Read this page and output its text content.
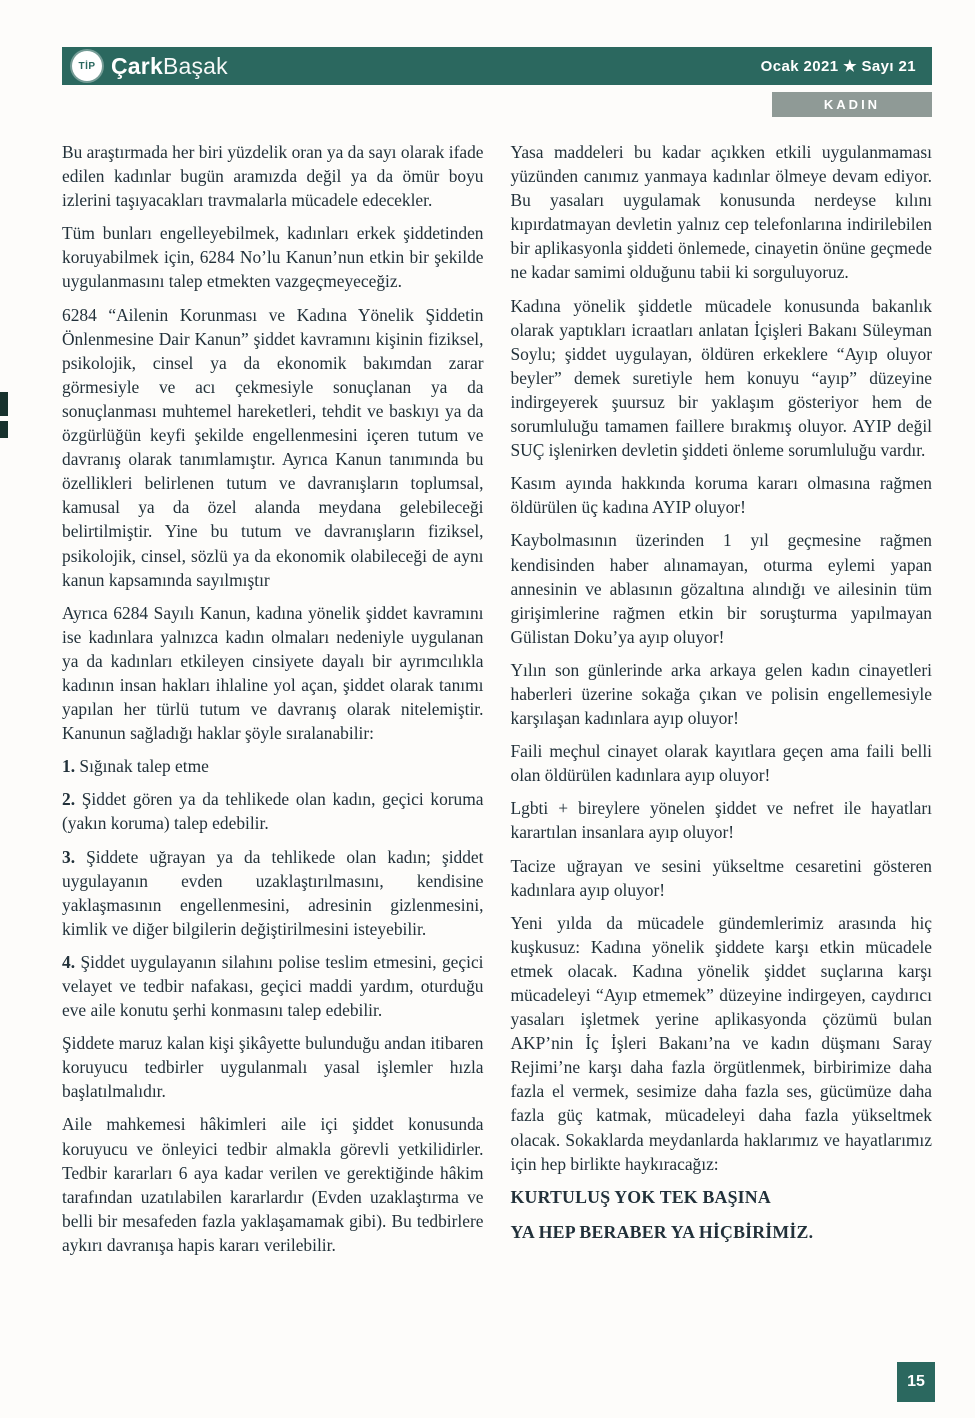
TİP ÇarkBaşak	Ocak 2021 ★ Sayı 21
KADIN

Bu araştırmada her biri yüzdelik oran ya da sayı olarak ifade edilen kadınlar bugün aramızda değil ya da ömür boyu izlerini taşıyacakları travmalarla mücadele edecekler.

Tüm bunları engelleyebilmek, kadınları erkek şiddetinden koruyabilmek için, 6284 No’lu Kanun’nun etkin bir şekilde uygulanmasını talep etmekten vazgeçmeyeceğiz.

6284 “Ailenin Korunması ve Kadına Yönelik Şiddetin Önlenmesine Dair Kanun” şiddet kavramını kişinin fiziksel, psikolojik, cinsel ya da ekonomik bakımdan zarar görmesiyle ve acı çekmesiyle sonuçlanan ya da sonuçlanması muhtemel hareketleri, tehdit ve baskıyı ya da özgürlüğün keyfi şekilde engellenmesini içeren tutum ve davranış olarak tanımlamıştır. Ayrıca Kanun tanımında bu özellikleri belirlenen tutum ve davranışların toplumsal, kamusal ya da özel alanda meydana gelebileceği belirtilmiştir. Yine bu tutum ve davranışların fiziksel, psikolojik, cinsel, sözlü ya da ekonomik olabileceği de aynı kanun kapsamında sayılmıştır

Ayrıca 6284 Sayılı Kanun, kadına yönelik şiddet kavramını ise kadınlara yalnızca kadın olmaları nedeniyle uygulanan ya da kadınları etkileyen cinsiyete dayalı bir ayrımcılıkla kadının insan hakları ihlaline yol açan, şiddet olarak tanımı yapılan her türlü tutum ve davranış olarak nitelemiştir. Kanunun sağladığı haklar şöyle sıralanabilir:

1. Sığınak talep etme

2. Şiddet gören ya da tehlikede olan kadın, geçici koruma (yakın koruma) talep edebilir.

3. Şiddete uğrayan ya da tehlikede olan kadın; şiddet uygulayanın evden uzaklaştırılmasını, kendisine yaklaşmasının engellenmesini, adresinin gizlenmesini, kimlik ve diğer bilgilerin değiştirilmesini isteyebilir.

4. Şiddet uygulayanın silahını polise teslim etmesini, geçici velayet ve tedbir nafakası, geçici maddi yardım, oturduğu eve aile konutu şerhi konmasını talep edebilir.

Şiddete maruz kalan kişi şikâyette bulunduğu andan itibaren koruyucu tedbirler uygulanmalı yasal işlemler hızla başlatılmalıdır.

Aile mahkemesi hâkimleri aile içi şiddet konusunda koruyucu ve önleyici tedbir almakla görevli yetkilidirler. Tedbir kararları 6 aya kadar verilen ve gerektiğinde hâkim tarafından uzatılabilen kararlardır (Evden uzaklaştırma ve belli bir mesafeden fazla yaklaşamamak gibi). Bu tedbirlere aykırı davranışa hapis kararı verilebilir.

Yasa maddeleri bu kadar açıkken etkili uygulanmaması yüzünden canımız yanmaya kadınlar ölmeye devam ediyor. Bu yasaları uygulamak konusunda nerdeyse kılını kıpırdatmayan devletin yalnız cep telefonlarına indirilebilen bir aplikasyonla şiddeti önlemede, cinayetin önüne geçmede ne kadar samimi olduğunu tabii ki sorguluyoruz.

Kadına yönelik şiddetle mücadele konusunda bakanlık olarak yaptıkları icraatları anlatan İçişleri Bakanı Süleyman Soylu; şiddet uygulayan, öldüren erkeklere “Ayıp oluyor beyler” demek suretiyle hem konuyu “ayıp” düzeyine indirgeyerek şuursuz bir yaklaşım gösteriyor hem de sorumluluğu tamamen faillere bırakmış oluyor. AYIP değil SUÇ işlenirken devletin şiddeti önleme sorumluluğu vardır.

Kasım ayında hakkında koruma kararı olmasına rağmen öldürülen üç kadına AYIP oluyor!

Kaybolmasının üzerinden 1 yıl geçmesine rağmen kendisinden haber alınamayan, oturma eylemi yapan annesinin ve ablasının gözaltına alındığı ve ailesinin tüm girişimlerine rağmen etkin bir soruşturma yapılmayan Gülistan Doku’ya ayıp oluyor!

Yılın son günlerinde arka arkaya gelen kadın cinayetleri haberleri üzerine sokağa çıkan ve polisin engellemesiyle karşılaşan kadınlara ayıp oluyor!

Faili meçhul cinayet olarak kayıtlara geçen ama faili belli olan öldürülen kadınlara ayıp oluyor!

Lgbti + bireylere yönelen şiddet ve nefret ile hayatları karartılan insanlara ayıp oluyor!

Tacize uğrayan ve sesini yükseltme cesaretini gösteren kadınlara ayıp oluyor!

Yeni yılda da mücadele gündemlerimiz arasında hiç kuşkusuz: Kadına yönelik şiddete karşı etkin mücadele etmek olacak. Kadına yönelik şiddet suçlarına karşı mücadeleyi “Ayıp etmemek” düzeyine indirgeyen, caydırıcı yasaları işletmek yerine aplikasyonda çözümü bulan AKP’nin İç İşleri Bakanı’na ve kadın düşmanı Saray Rejimi’ne karşı daha fazla örgütlenmek, birbirimize daha fazla el vermek, sesimize daha fazla ses, gücümüze daha fazla güç katmak, mücadeleyi daha fazla yükseltmek olacak. Sokaklarda meydanlarda haklarımız ve hayatlarımız için hep birlikte haykıracağız:

KURTULUŞ YOK TEK BAŞINA

YA HEP BERABER YA HİÇBİRİMİZ.

15
